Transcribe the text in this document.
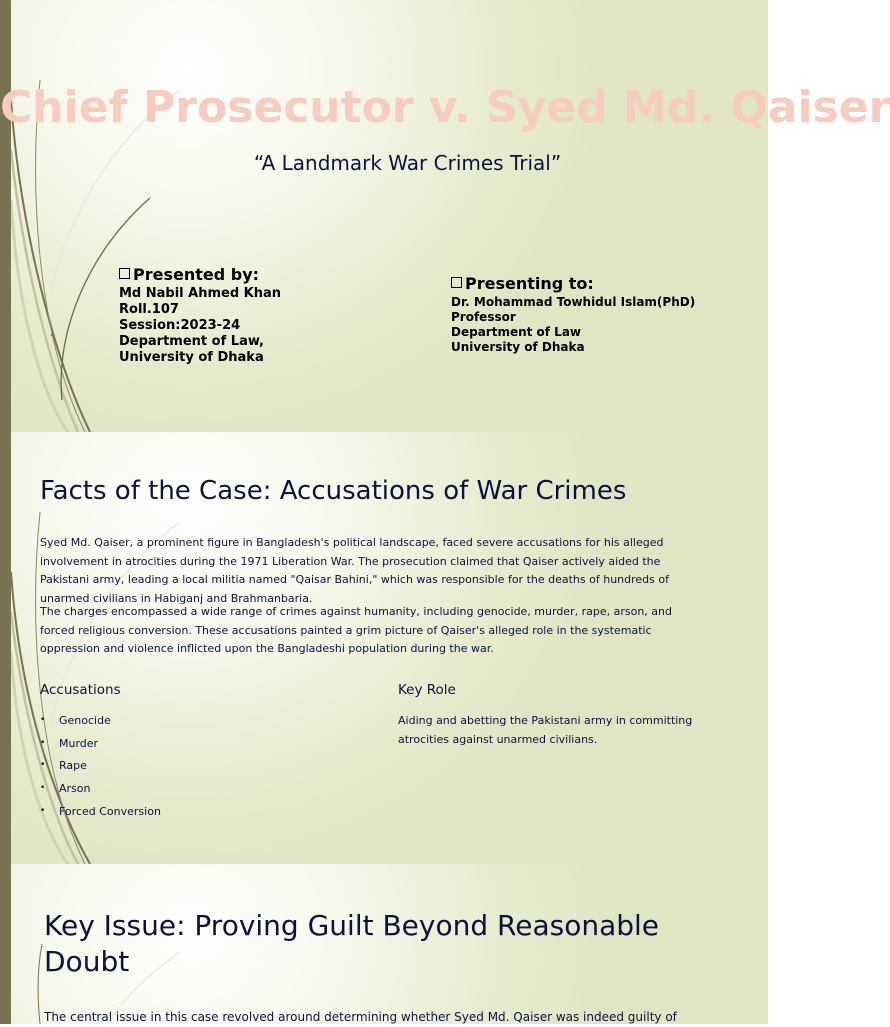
Chief Prosecutor v. Syed Md. Qaiser
“A Landmark War Crimes Trial”
Presented by:
Md Nabil Ahmed Khan
Roll.107
Session:2023-24
Department of Law,
University of Dhaka
Presenting to:
Dr. Mohammad Towhidul Islam(PhD)
Professor
Department of Law
University of Dhaka
"
Facts of the Case: Accusations of War Crimes
Syed Md. Qaiser, a prominent figure in Bangladesh's political landscape, faced severe accusations for his alleged involvement in atrocities during the 1971 Liberation War. The prosecution claimed that Qaiser actively aided the Pakistani army, leading a local militia named "Qaisar Bahini," which was responsible for the deaths of hundreds of unarmed civilians in Habiganj and Brahmanbaria.
The charges encompassed a wide range of crimes against humanity, including genocide, murder, rape, arson, and forced religious conversion. These accusations painted a grim picture of Qaiser's alleged role in the systematic oppression and violence inflicted upon the Bangladeshi population during the war.
Accusations
• Genocide
• Murder
• Rape
• Arson
• Forced Conversion
Key Role
Aiding and abetting the Pakistani army in committing atrocities against unarmed civilians.
Key Issue: Proving Guilt Beyond Reasonable Doubt
The central issue in this case revolved around determining whether Syed Md. Qaiser was indeed guilty of
